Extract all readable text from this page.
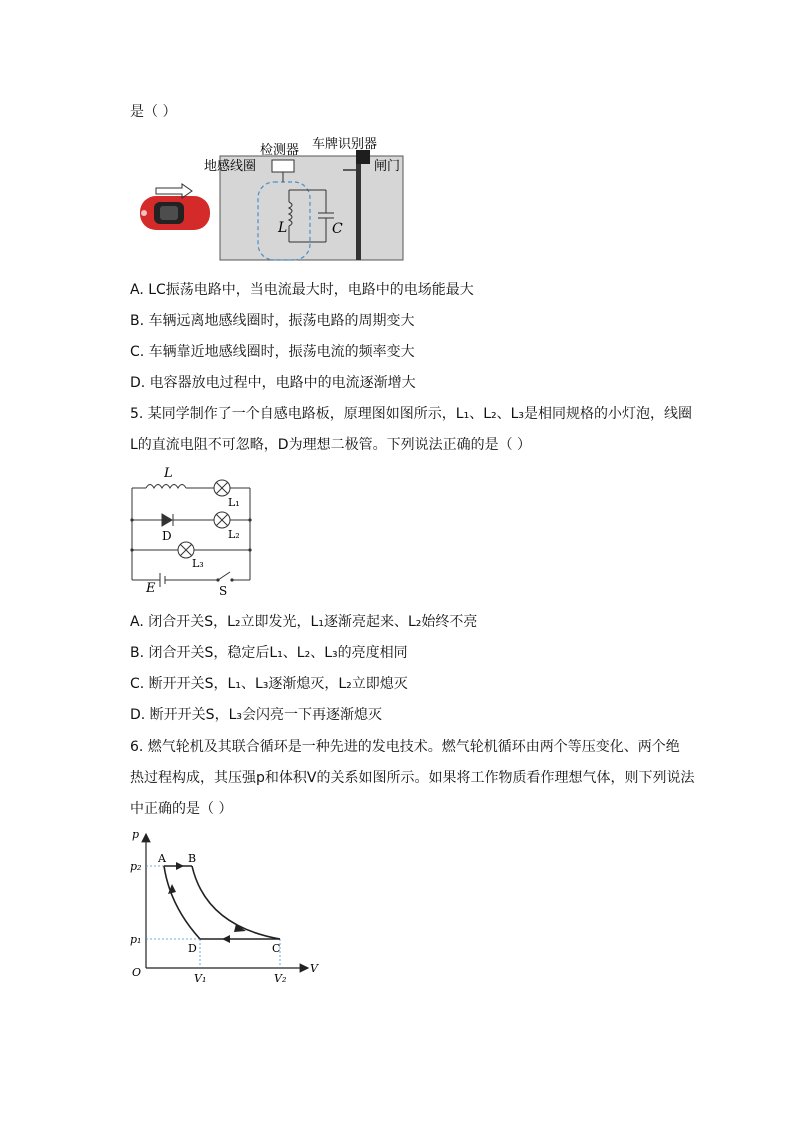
是（ ）
L	C
检测器 车牌识别器
地感线圈	闸门
A. LC振荡电路中，当电流最大时，电路中的电场能最大
B. 车辆远离地感线圈时，振荡电路的周期变大
C. 车辆靠近地感线圈时，振荡电流的频率变大
D. 电容器放电过程中，电路中的电流逐渐增大
5. 某同学制作了一个自感电路板，原理图如图所示，L₁、L₂、L₃是相同规格的小灯泡，线圈
L的直流电阻不可忽略，D为理想二极管。下列说法正确的是（ ）
L
L₁
D	L₂
L₃
E	S
A. 闭合开关S，L₂立即发光，L₁逐渐亮起来、L₂始终不亮
B. 闭合开关S，稳定后L₁、L₂、L₃的亮度相同
C. 断开开关S，L₁、L₃逐渐熄灭，L₂立即熄灭
D. 断开开关S，L₃会闪亮一下再逐渐熄灭
6. 燃气轮机及其联合循环是一种先进的发电技术。燃气轮机循环由两个等压变化、两个绝
热过程构成，其压强p和体积V的关系如图所示。如果将工作物质看作理想气体，则下列说法
中正确的是（ ）
p
V
O
p₂
p₁
V₁	V₂
A B
C
D
